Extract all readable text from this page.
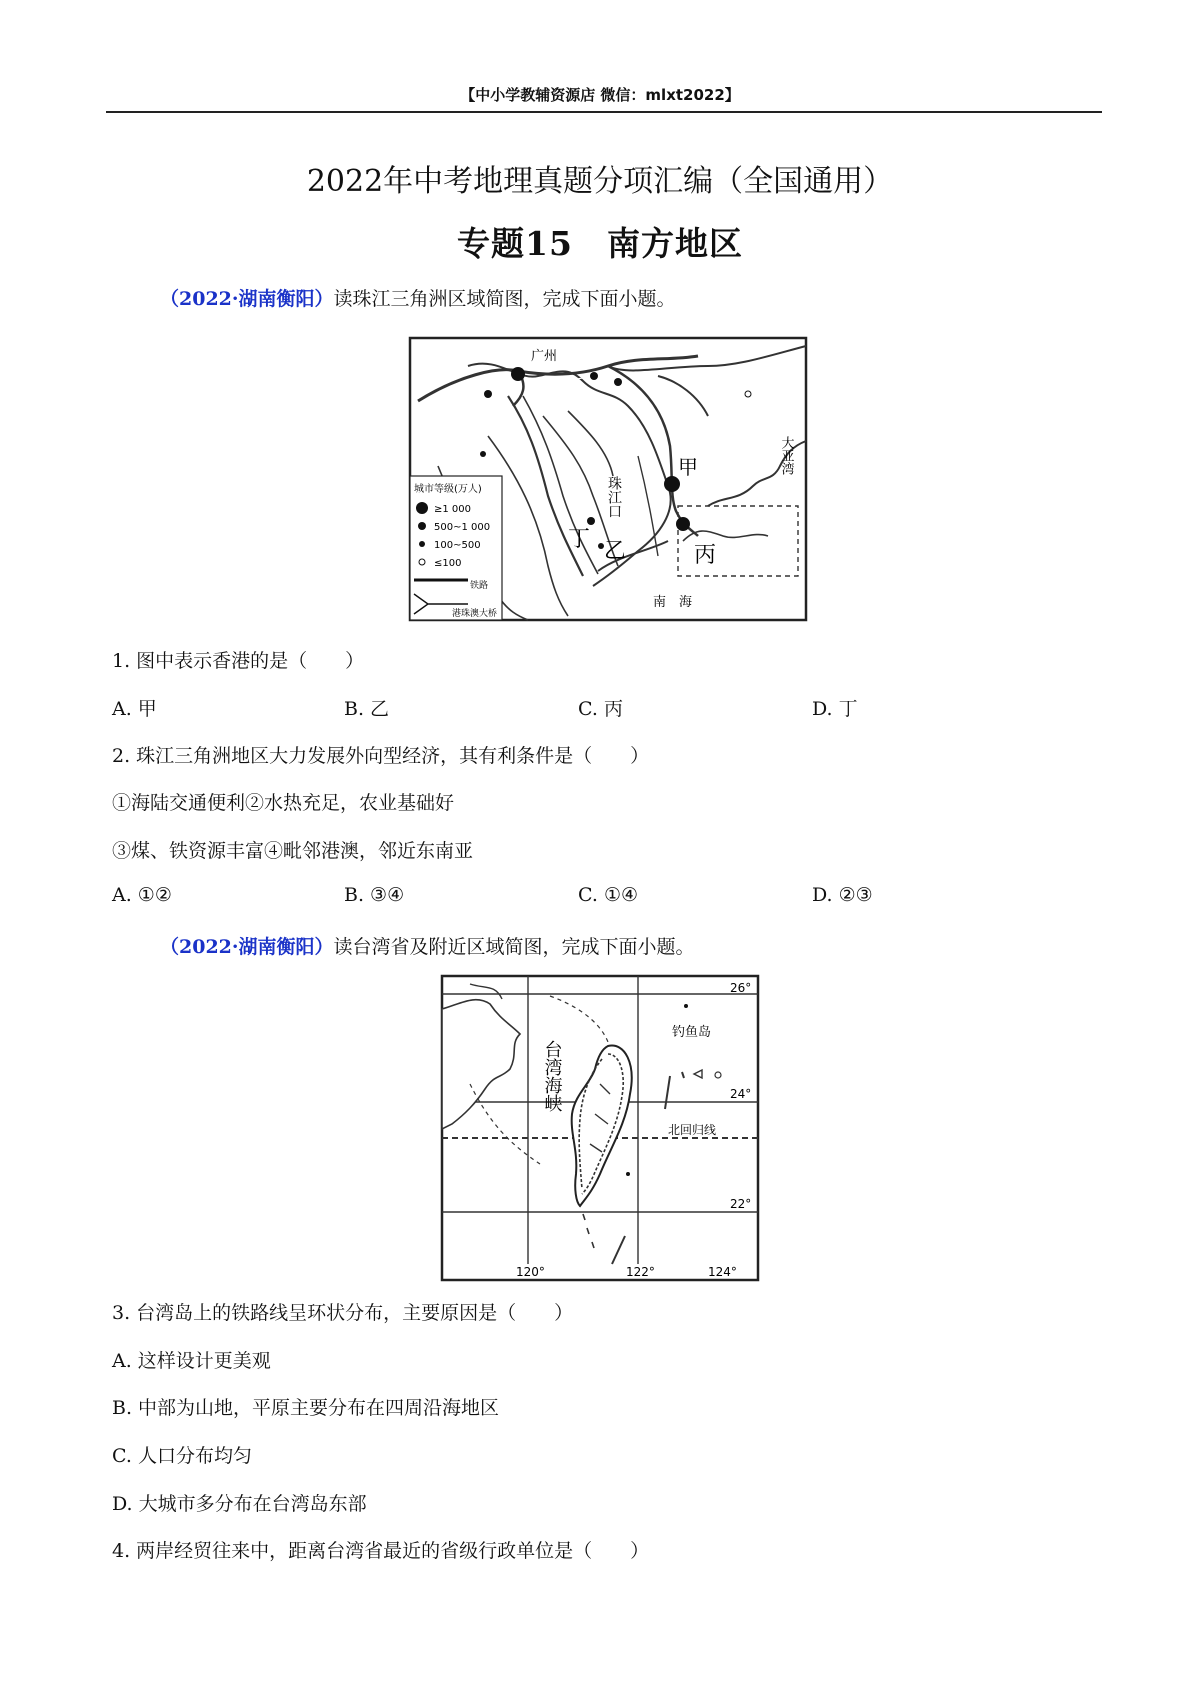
【中小学教辅资源店 微信：mlxt2022】
2022年中考地理真题分项汇编（全国通用）
专题15　南方地区
（2022·湖南衡阳）读珠江三角洲区域简图，完成下面小题。
广州
甲
乙	丙
丁
珠江口
大亚湾
南　海
城市等级(万人)
≥1 000
500~1 000
100~500
≤100
铁路
港珠澳大桥
1. 图中表示香港的是（　　）
A. 甲	B. 乙	C. 丙	D. 丁
2. 珠江三角洲地区大力发展外向型经济，其有利条件是（　　）
①海陆交通便利②水热充足，农业基础好
③煤、铁资源丰富④毗邻港澳，邻近东南亚
A. ①②	B. ③④	C. ①④	D. ②③
（2022·湖南衡阳）读台湾省及附近区域简图，完成下面小题。
台湾海峡
钓鱼岛
北回归线
26°
24°
22°
120°	122°	124°
3. 台湾岛上的铁路线呈环状分布，主要原因是（　　）
A. 这样设计更美观
B. 中部为山地，平原主要分布在四周沿海地区
C. 人口分布均匀
D. 大城市多分布在台湾岛东部
4. 两岸经贸往来中，距离台湾省最近的省级行政单位是（　　）
